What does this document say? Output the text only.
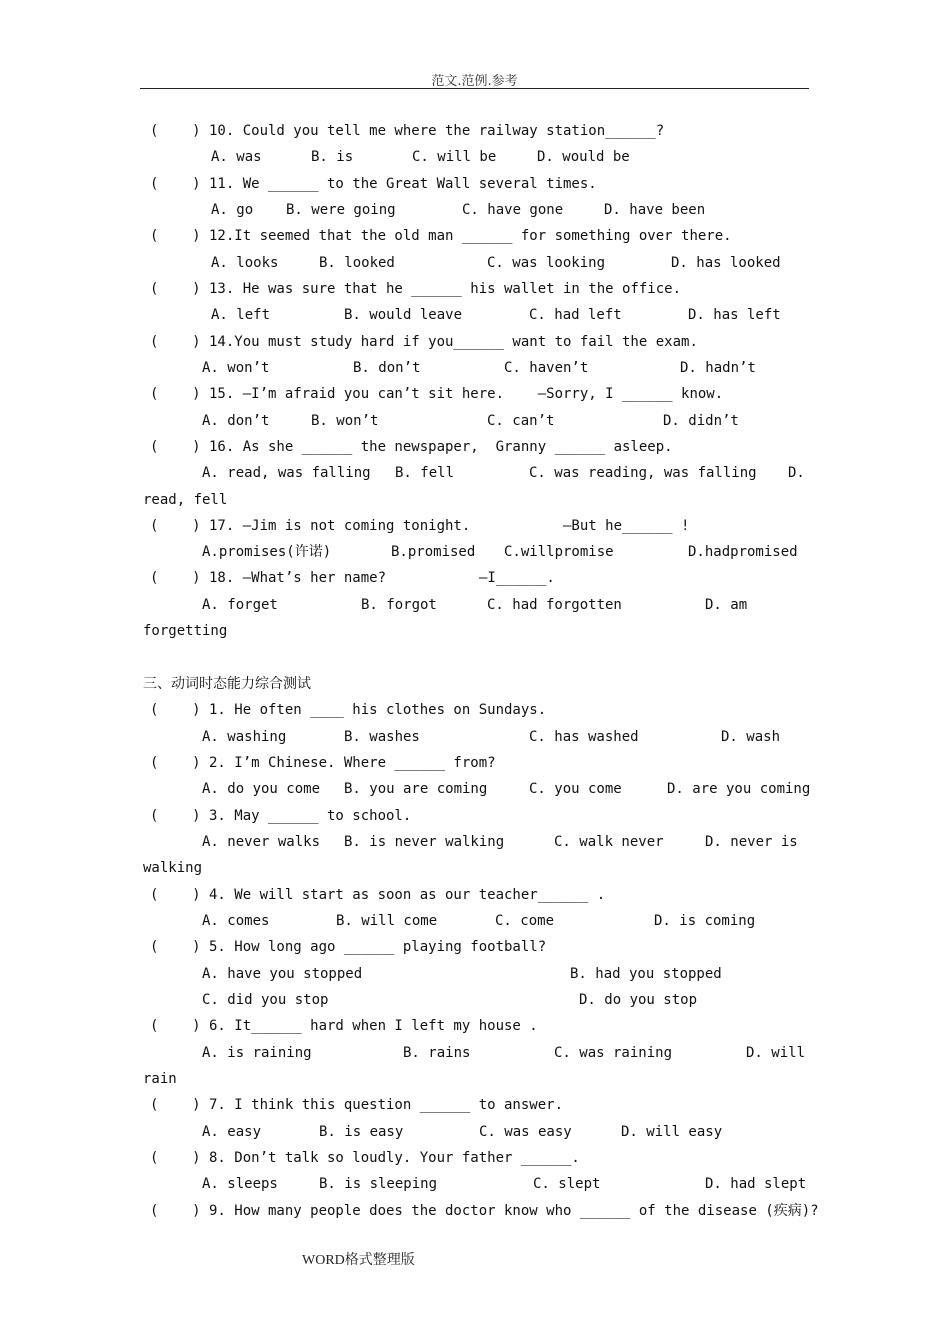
范文.范例.参考
(    ) 10. Could you tell me where the railway station______?
A. was	B. is	C. will be	D. would be
(    ) 11. We ______ to the Great Wall several times.
A. go B. were going	C. have gone	D. have been
(    ) 12.It seemed that the old man ______ for something over there.
A. looks	B. looked	C. was looking	D. has looked
(    ) 13. He was sure that he ______ his wallet in the office.
A. left	B. would leave	C. had left	D. has left
(    ) 14.You must study hard if you______ want to fail the exam.
A. won’t	B. don’t	C. haven’t	D. hadn’t
(    ) 15. —I’m afraid you can’t sit here.    —Sorry, I ______ know.
A. don’t	B. won’t	C. can’t	D. didn’t
(    ) 16. As she ______ the newspaper,  Granny ______ asleep.
A. read, was falling B. fell	C. was reading, was falling D.
read, fell
(    ) 17. —Jim is not coming tonight.	—But he______ !
A.promises(许诺)	B.promised C.willpromise	D.hadpromised
(    ) 18. —What’s her name?	—I______.
A. forget	B. forgot	C. had forgotten	D. am
forgetting
三、动词时态能力综合测试
(    ) 1. He often ____ his clothes on Sundays.
A. washing	B. washes	C. has washed	D. wash
(    ) 2. I’m Chinese. Where ______ from?
A. do you come B. you are coming	C. you come	D. are you coming
(    ) 3. May ______ to school.
A. never walks B. is never walking	C. walk never	D. never is
walking
(    ) 4. We will start as soon as our teacher______ .
A. comes	B. will come	C. come	D. is coming
(    ) 5. How long ago ______ playing football?
A. have you stopped	B. had you stopped
C. did you stop	D. do you stop
(    ) 6. It______ hard when I left my house .
A. is raining	B. rains	C. was raining	D. will
rain
(    ) 7. I think this question ______ to answer.
A. easy	B. is easy	C. was easy	D. will easy
(    ) 8. Don’t talk so loudly. Your father ______.
A. sleeps	B. is sleeping	C. slept	D. had slept
(    ) 9. How many people does the doctor know who ______ of the disease (疾病)?
WORD格式整理版
